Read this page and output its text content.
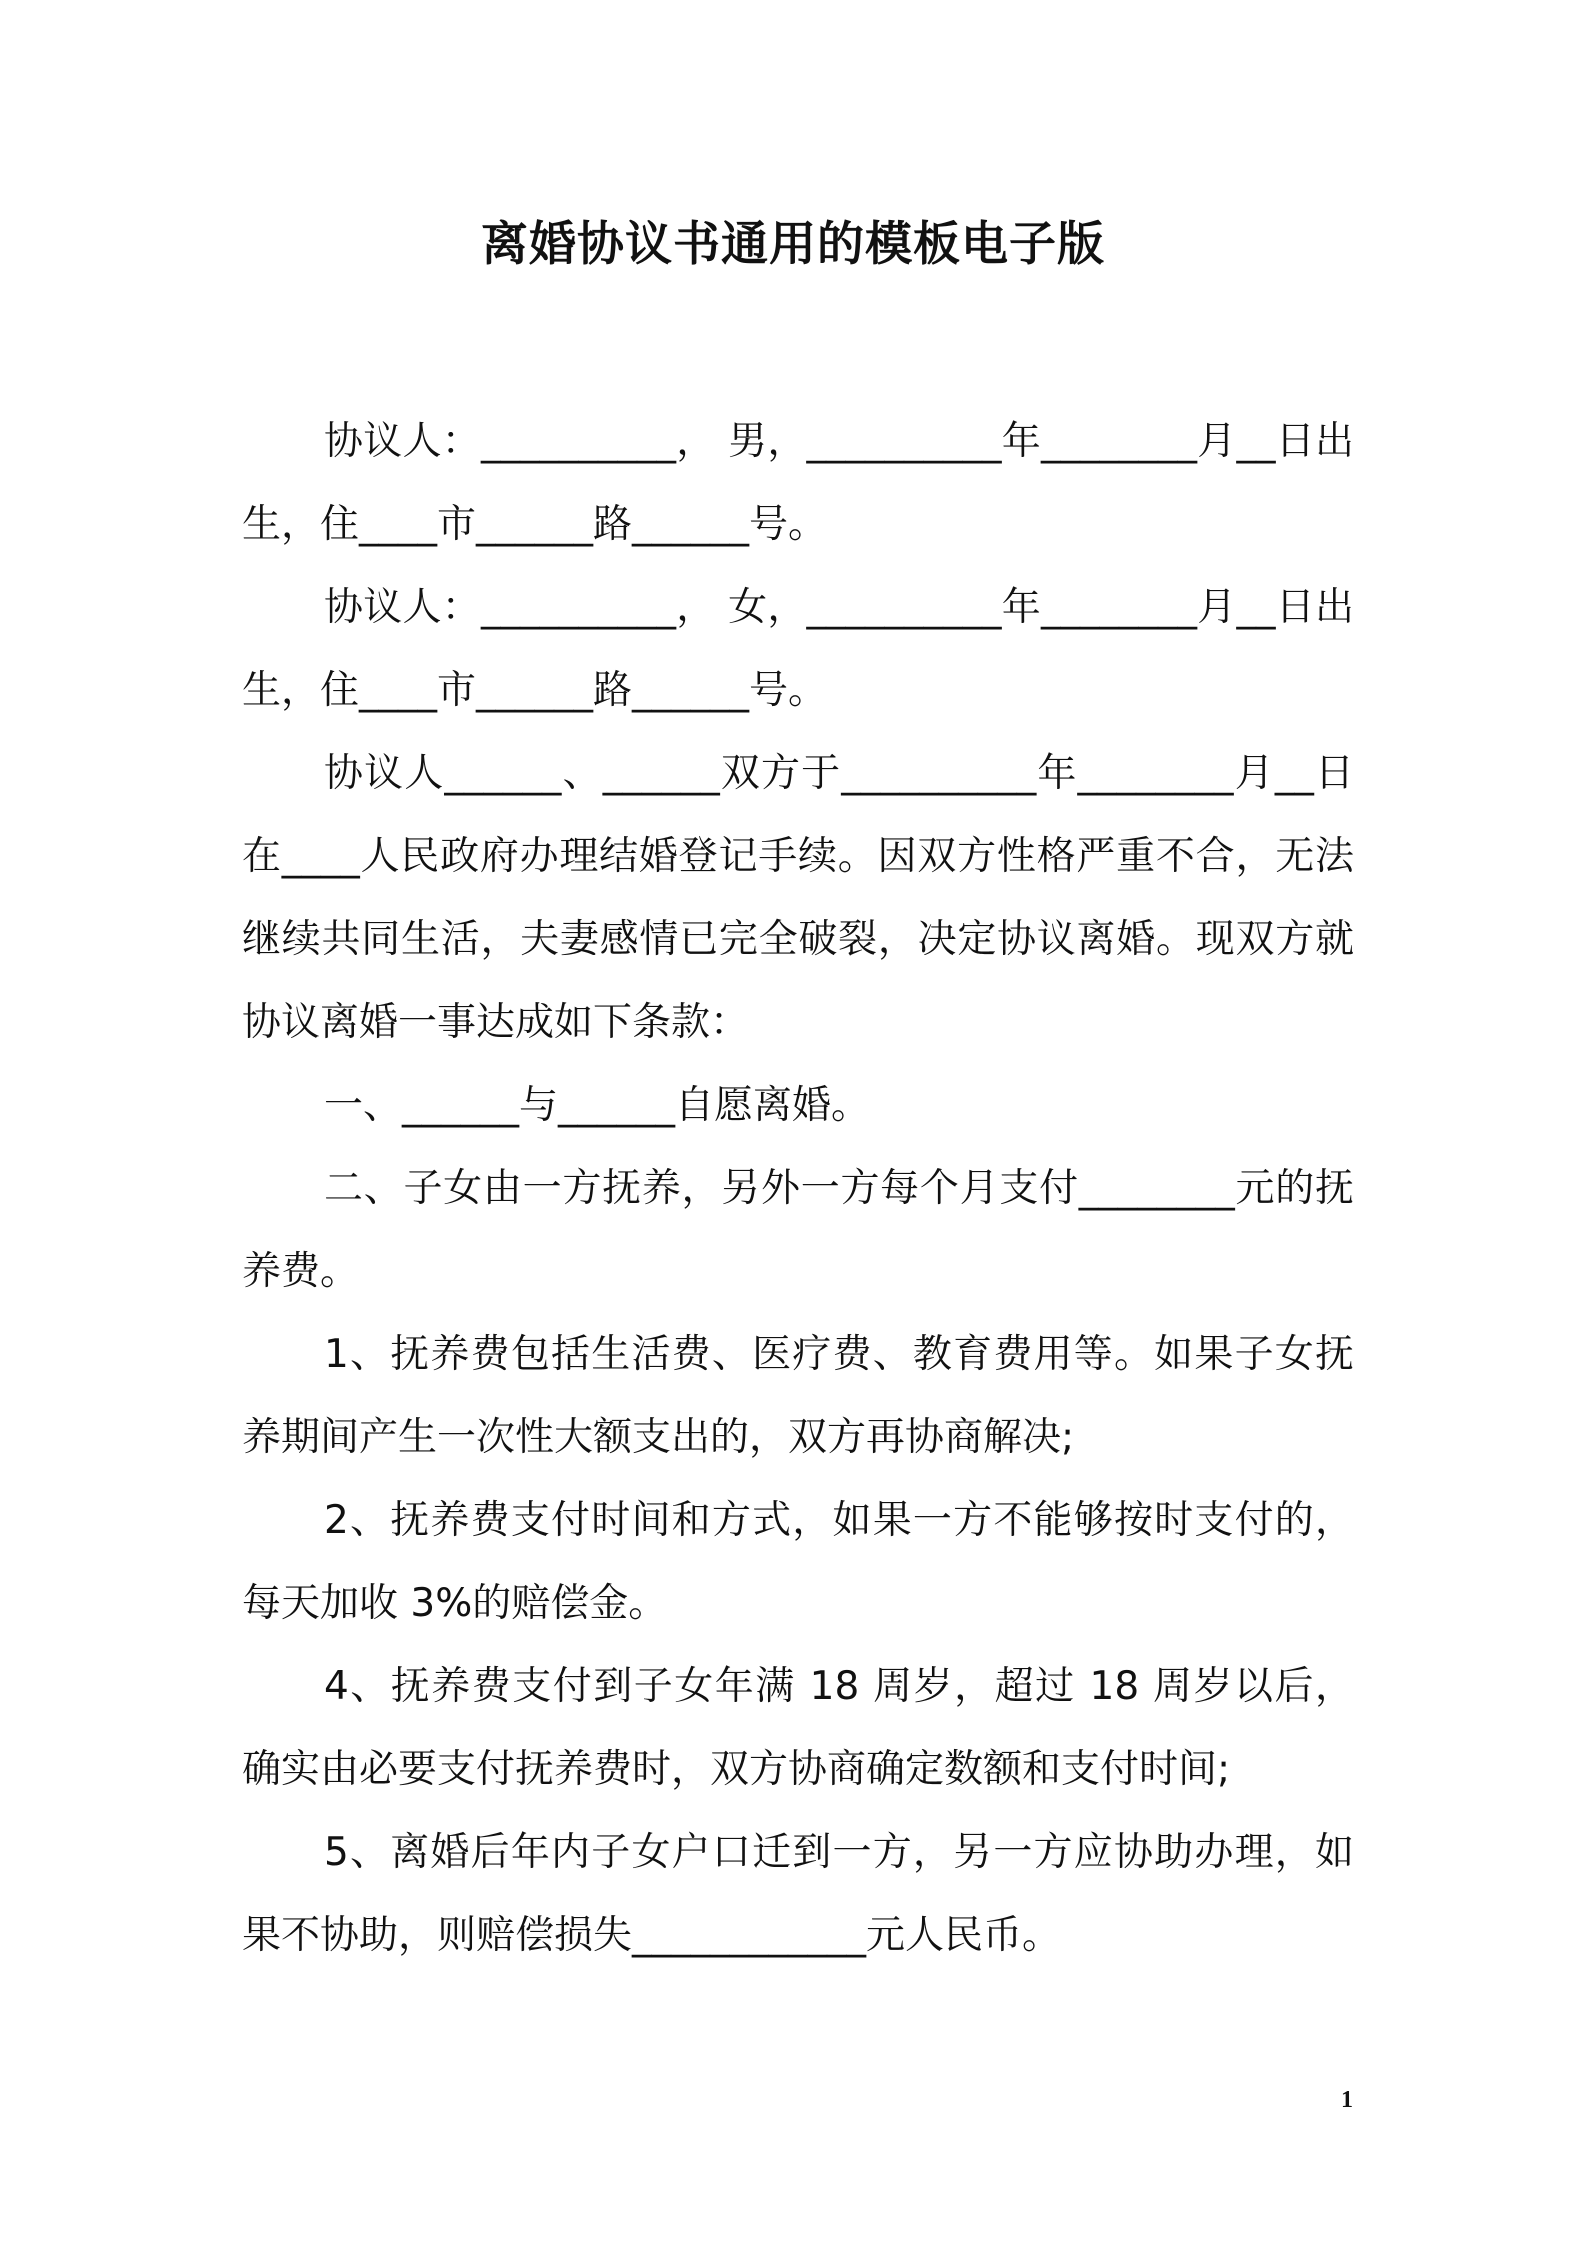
离婚协议书通用的模板电子版

协议人：__________， 男，__________年________月__日出生，住____市______路______号。

协议人：__________， 女，__________年________月__日出生，住____市______路______号。

协议人______、______双方于__________年________月__日在____人民政府办理结婚登记手续。因双方性格严重不合，无法继续共同生活，夫妻感情已完全破裂，决定协议离婚。现双方就协议离婚一事达成如下条款：

一、______与______自愿离婚。

二、子女由一方抚养，另外一方每个月支付________元的抚养费。

1、抚养费包括生活费、医疗费、教育费用等。如果子女抚养期间产生一次性大额支出的，双方再协商解决;

2、抚养费支付时间和方式，如果一方不能够按时支付的，每天加收 3%的赔偿金。

4、抚养费支付到子女年满 18 周岁，超过 18 周岁以后，确实由必要支付抚养费时，双方协商确定数额和支付时间;

5、离婚后年内子女户口迁到一方，另一方应协助办理，如果不协助，则赔偿损失____________元人民币。

1
